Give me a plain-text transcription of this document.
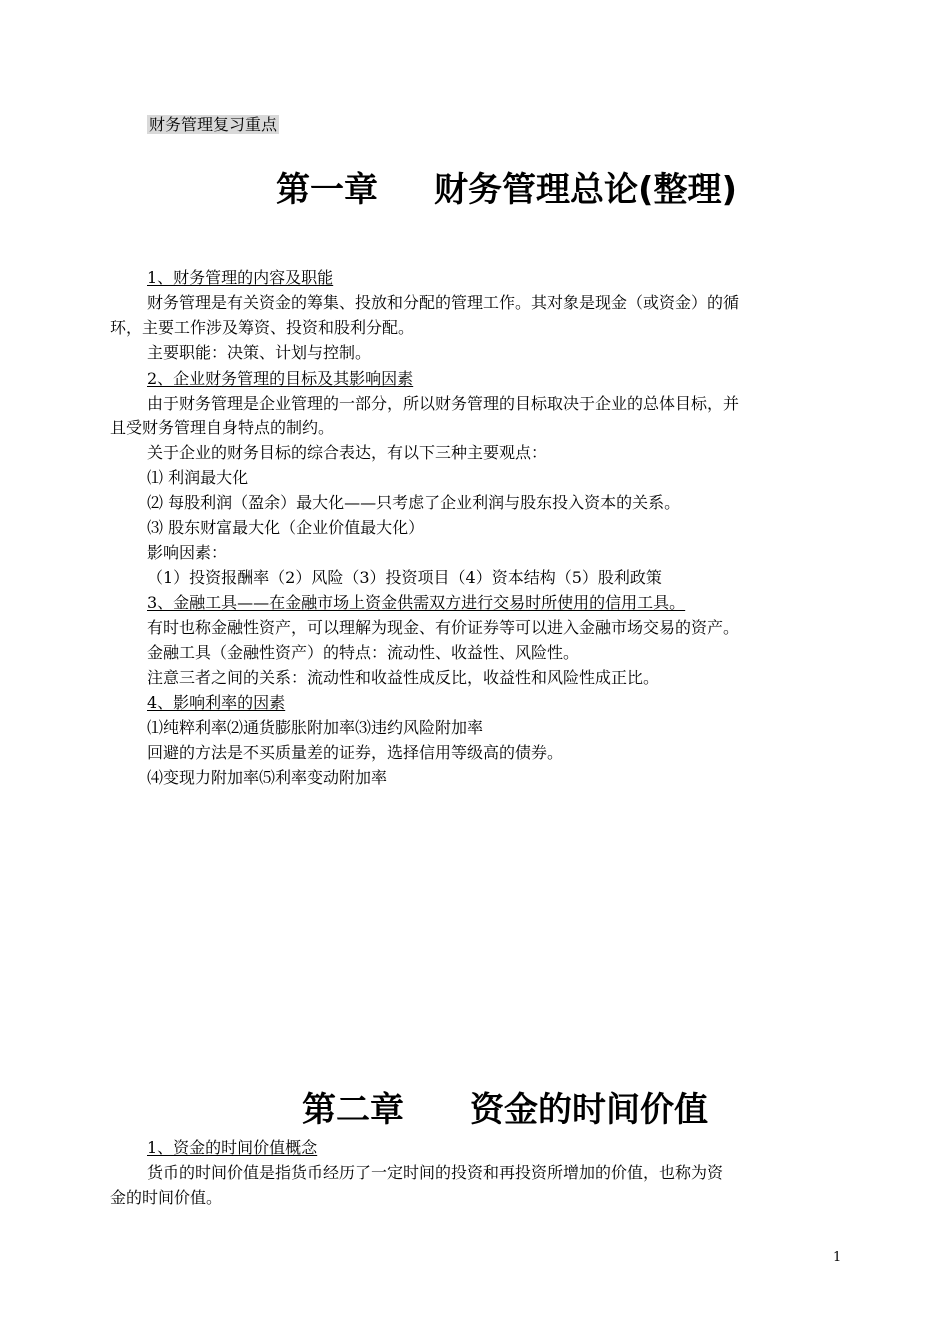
财务管理复习重点
第一章 财务管理总论(整理)
1、财务管理的内容及职能
财务管理是有关资金的筹集、投放和分配的管理工作。其对象是现金（或资金）的循
环，主要工作涉及筹资、投资和股利分配。
主要职能：决策、计划与控制。
2、企业财务管理的目标及其影响因素
由于财务管理是企业管理的一部分，所以财务管理的目标取决于企业的总体目标，并
且受财务管理自身特点的制约。
关于企业的财务目标的综合表达，有以下三种主要观点：
⑴ 利润最大化
⑵ 每股利润（盈余）最大化——只考虑了企业利润与股东投入资本的关系。
⑶ 股东财富最大化（企业价值最大化）
影响因素：
（1）投资报酬率（2）风险（3）投资项目（4）资本结构（5）股利政策
3、金融工具——在金融市场上资金供需双方进行交易时所使用的信用工具。
有时也称金融性资产，可以理解为现金、有价证券等可以进入金融市场交易的资产。
金融工具（金融性资产）的特点：流动性、收益性、风险性。
注意三者之间的关系：流动性和收益性成反比，收益性和风险性成正比。
4、影响利率的因素
⑴纯粹利率⑵通货膨胀附加率⑶违约风险附加率
回避的方法是不买质量差的证券，选择信用等级高的债券。
⑷变现力附加率⑸利率变动附加率
第二章 资金的时间价值
1、资金的时间价值概念
货币的时间价值是指货币经历了一定时间的投资和再投资所增加的价值，也称为资
金的时间价值。
1
